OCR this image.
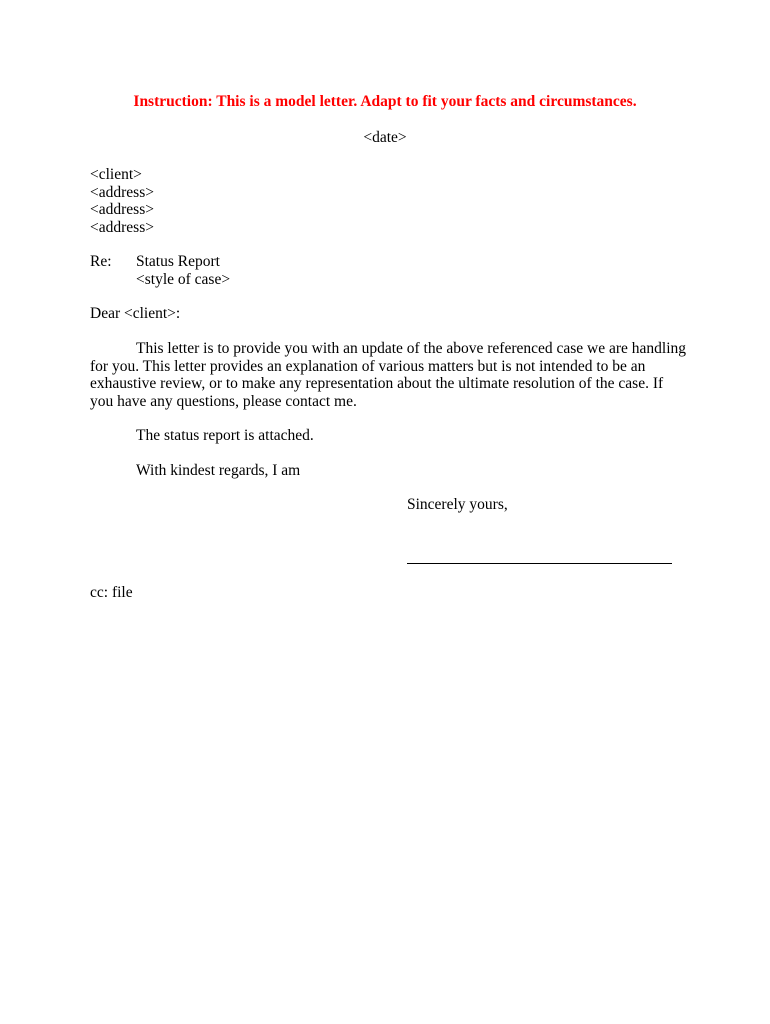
Instruction: This is a model letter. Adapt to fit your facts and circumstances.
<date>
<client>
<address>
<address>
<address>
Re: Status Report
<style of case>
Dear <client>:
This letter is to provide you with an update of the above referenced case we are handling
for you. This letter provides an explanation of various matters but is not intended to be an
exhaustive review, or to make any representation about the ultimate resolution of the case. If
you have any questions, please contact me.
The status report is attached.
With kindest regards, I am
Sincerely yours,
cc: file
